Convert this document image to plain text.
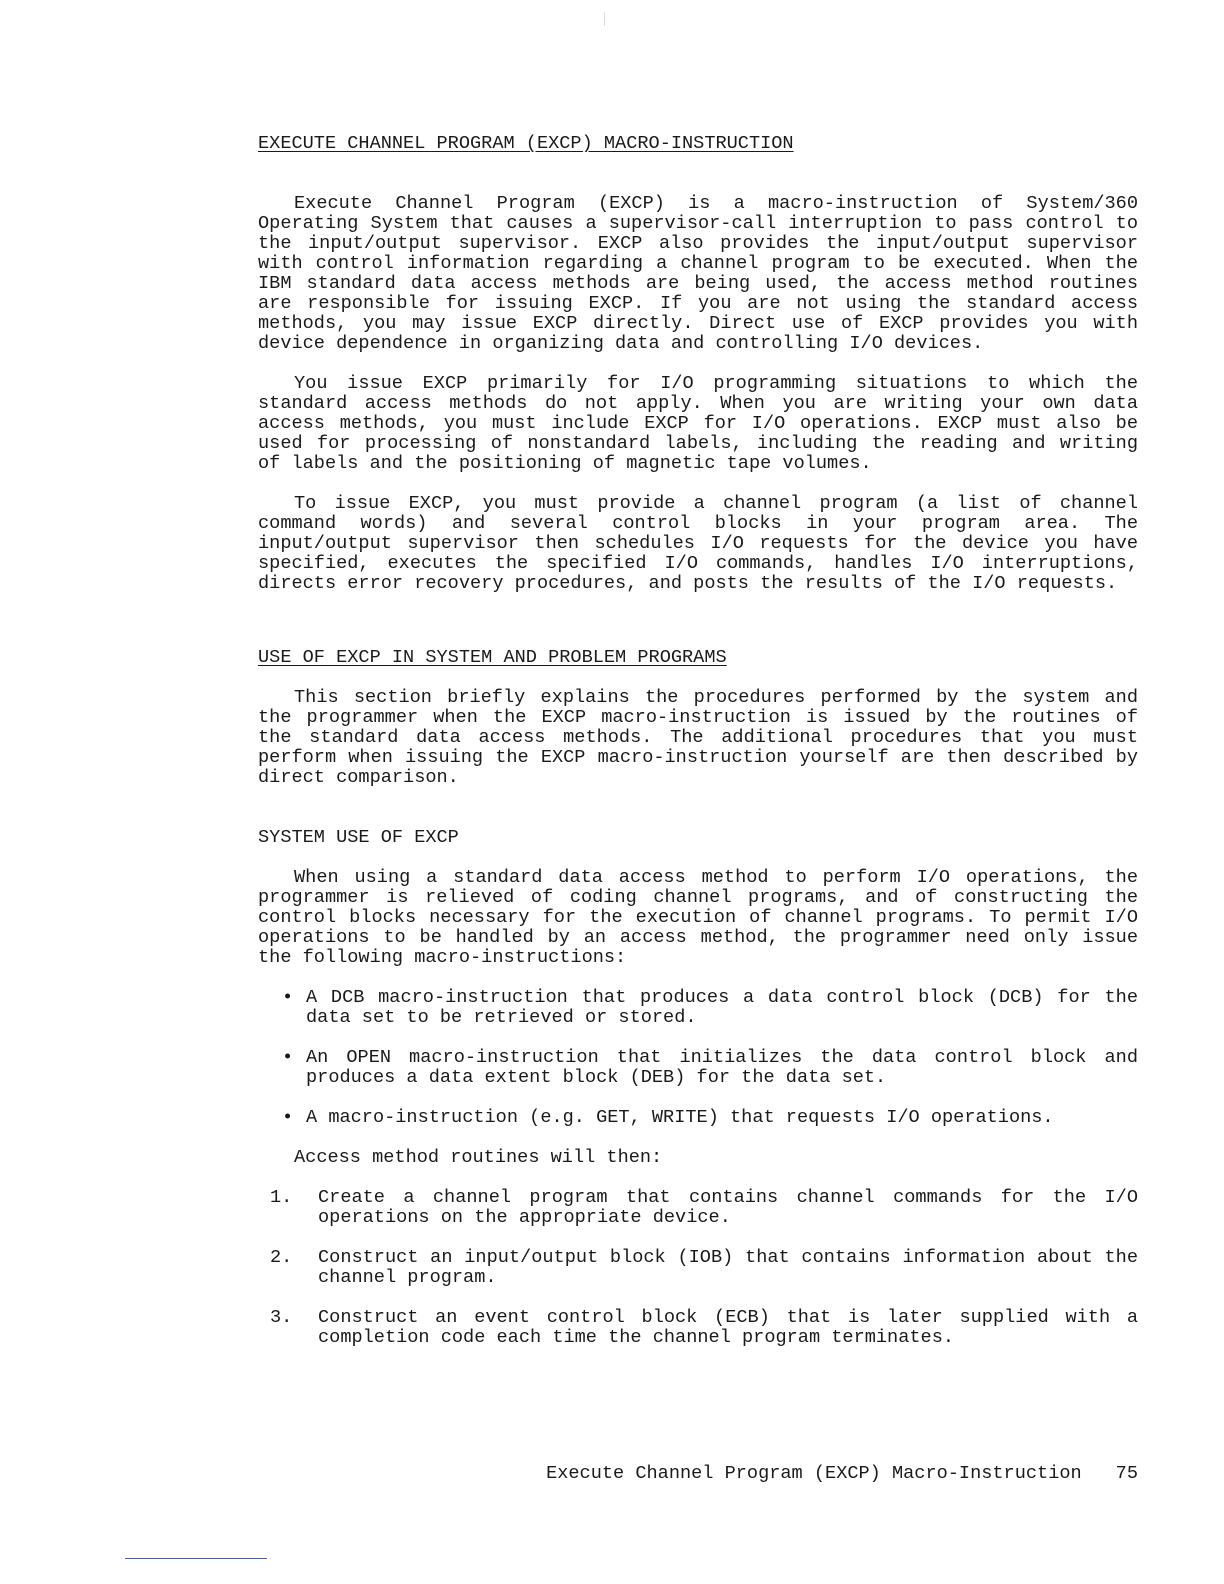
EXECUTE CHANNEL PROGRAM (EXCP) MACRO-INSTRUCTION

Execute Channel Program (EXCP) is a macro-instruction of System/360 Operating System that causes a supervisor-call interruption to pass control to the input/output supervisor. EXCP also provides the input/output supervisor with control information regarding a channel program to be executed. When the IBM standard data access methods are being used, the access method routines are responsible for issuing EXCP. If you are not using the standard access methods, you may issue EXCP directly. Direct use of EXCP provides you with device dependence in organizing data and controlling I/O devices.

You issue EXCP primarily for I/O programming situations to which the standard access methods do not apply. When you are writing your own data access methods, you must include EXCP for I/O operations. EXCP must also be used for processing of nonstandard labels, including the reading and writing of labels and the positioning of magnetic tape volumes.

To issue EXCP, you must provide a channel program (a list of channel command words) and several control blocks in your program area. The input/output supervisor then schedules I/O requests for the device you have specified, executes the specified I/O commands, handles I/O interruptions, directs error recovery procedures, and posts the results of the I/O requests.

USE OF EXCP IN SYSTEM AND PROBLEM PROGRAMS

This section briefly explains the procedures performed by the system and the programmer when the EXCP macro-instruction is issued by the routines of the standard data access methods. The additional procedures that you must perform when issuing the EXCP macro-instruction yourself are then described by direct comparison.

SYSTEM USE OF EXCP

When using a standard data access method to perform I/O operations, the programmer is relieved of coding channel programs, and of constructing the control blocks necessary for the execution of channel programs. To permit I/O operations to be handled by an access method, the programmer need only issue the following macro-instructions:

• A DCB macro-instruction that produces a data control block (DCB) for the data set to be retrieved or stored.
• An OPEN macro-instruction that initializes the data control block and produces a data extent block (DEB) for the data set.
• A macro-instruction (e.g. GET, WRITE) that requests I/O operations.

Access method routines will then:

1. Create a channel program that contains channel commands for the I/O operations on the appropriate device.
2. Construct an input/output block (IOB) that contains information about the channel program.
3. Construct an event control block (ECB) that is later supplied with a completion code each time the channel program terminates.
Execute Channel Program (EXCP) Macro-Instruction 75
